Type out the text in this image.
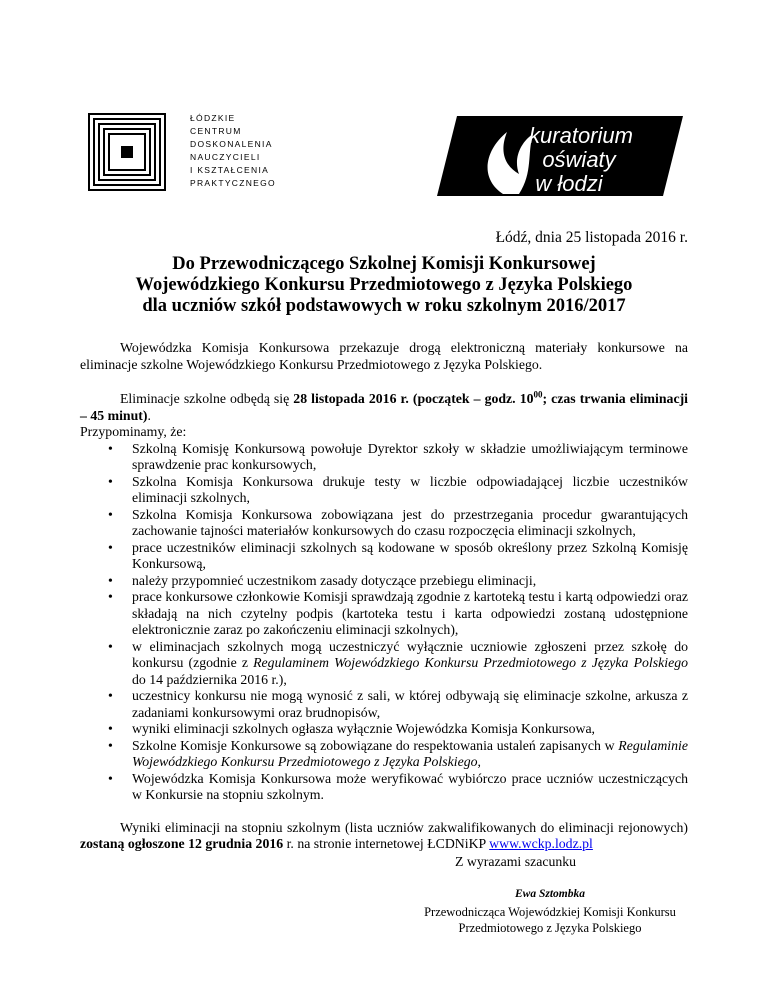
ŁÓDZKIE
CENTRUM
DOSKONALENIA
NAUCZYCIELI
I KSZTAŁCENIA
PRAKTYCZNEGO
kuratorium
oświaty
w łodzi
Łódź, dnia 25 listopada 2016 r.
Do Przewodniczącego Szkolnej Komisji Konkursowej
Wojewódzkiego Konkursu Przedmiotowego z Języka Polskiego
dla uczniów szkół podstawowych w roku szkolnym 2016/2017

Wojewódzka Komisja Konkursowa przekazuje drogą elektroniczną materiały konkursowe na eliminacje szkolne Wojewódzkiego Konkursu Przedmiotowego z Języka Polskiego.

Eliminacje szkolne odbędą się 28 listopada 2016 r. (początek – godz. $10^{00}$; czas trwania eliminacji – 45 minut).

Przypominamy, że:

• Szkolną Komisję Konkursową powołuje Dyrektor szkoły w składzie umożliwiającym terminowe sprawdzenie prac konkursowych,
• Szkolna Komisja Konkursowa drukuje testy w liczbie odpowiadającej liczbie uczestników eliminacji szkolnych,
• Szkolna Komisja Konkursowa zobowiązana jest do przestrzegania procedur gwarantujących zachowanie tajności materiałów konkursowych do czasu rozpoczęcia eliminacji szkolnych,
• prace uczestników eliminacji szkolnych są kodowane w sposób określony przez Szkolną Komisję Konkursową,
• należy przypomnieć uczestnikom zasady dotyczące przebiegu eliminacji,
• prace konkursowe członkowie Komisji sprawdzają zgodnie z kartoteką testu i kartą odpowiedzi oraz składają na nich czytelny podpis (kartoteka testu i karta odpowiedzi zostaną udostępnione elektronicznie zaraz po zakończeniu eliminacji szkolnych),
• w eliminacjach szkolnych mogą uczestniczyć wyłącznie uczniowie zgłoszeni przez szkołę do konkursu (zgodnie z Regulaminem Wojewódzkiego Konkursu Przedmiotowego z Języka Polskiego do 14 października 2016 r.),
• uczestnicy konkursu nie mogą wynosić z sali, w której odbywają się eliminacje szkolne, arkusza z zadaniami konkursowymi oraz brudnopisów,
• wyniki eliminacji szkolnych ogłasza wyłącznie Wojewódzka Komisja Konkursowa,
• Szkolne Komisje Konkursowe są zobowiązane do respektowania ustaleń zapisanych w Regulaminie Wojewódzkiego Konkursu Przedmiotowego z Języka Polskiego,
• Wojewódzka Komisja Konkursowa może weryfikować wybiórczo prace uczniów uczestniczących w Konkursie na stopniu szkolnym.

Wyniki eliminacji na stopniu szkolnym (lista uczniów zakwalifikowanych do eliminacji rejonowych) zostaną ogłoszone 12 grudnia 2016 r. na stronie internetowej ŁCDNiKP www.wckp.lodz.pl

Z wyrazami szacunku
Ewa Sztombka
Przewodnicząca Wojewódzkiej Komisji Konkursu
Przedmiotowego z Języka Polskiego
